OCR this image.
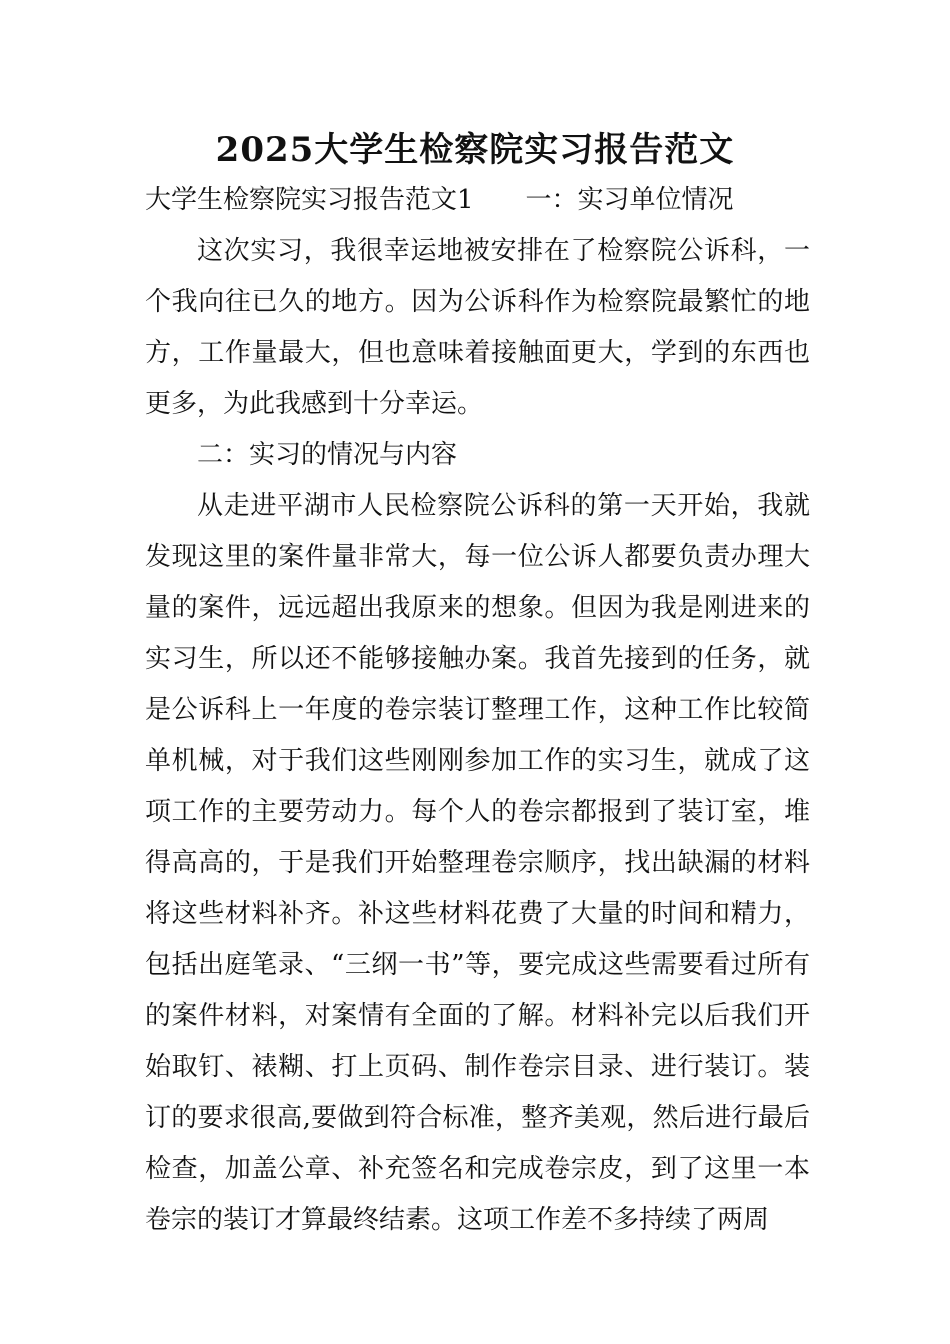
2025大学生检察院实习报告范文
大学生检察院实习报告范文1 一：实习单位情况

这次实习，我很幸运地被安排在了检察院公诉科，一个我向往已久的地方。因为公诉科作为检察院最繁忙的地方，工作量最大，但也意味着接触面更大，学到的东西也更多，为此我感到十分幸运。

二：实习的情况与内容

从走进平湖市人民检察院公诉科的第一天开始，我就发现这里的案件量非常大，每一位公诉人都要负责办理大量的案件，远远超出我原来的想象。但因为我是刚进来的实习生，所以还不能够接触办案。我首先接到的任务，就是公诉科上一年度的卷宗装订整理工作，这种工作比较简单机械，对于我们这些刚刚参加工作的实习生，就成了这项工作的主要劳动力。每个人的卷宗都报到了装订室，堆得高高的，于是我们开始整理卷宗顺序，找出缺漏的材料将这些材料补齐。补这些材料花费了大量的时间和精力，包括出庭笔录、“三纲一书”等，要完成这些需要看过所有的案件材料，对案情有全面的了解。材料补完以后我们开始取钉、裱糊、打上页码、制作卷宗目录、进行装订。装订的要求很高,要做到符合标准，整齐美观，然后进行最后检查，加盖公章、补充签名和完成卷宗皮，到了这里一本卷宗的装订才算最终结素。这项工作差不多持续了两周
